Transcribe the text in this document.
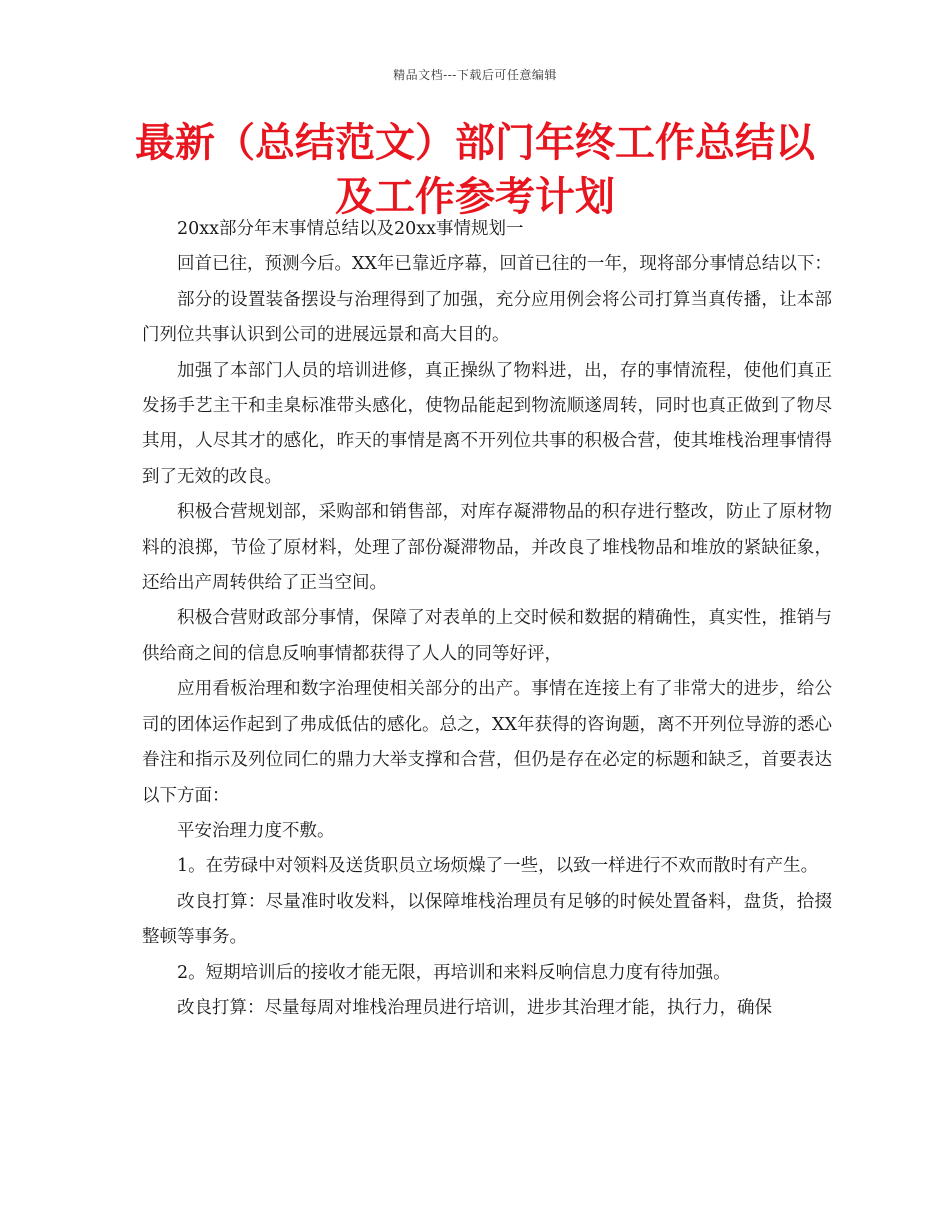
精品文档---下载后可任意编辑
最新（总结范文）部门年终工作总结以及工作参考计划

20xx部分年末事情总结以及20xx事情规划一

回首已往，预测今后。XX年已靠近序幕，回首已往的一年，现将部分事情总结以下：

部分的设置装备摆设与治理得到了加强，充分应用例会将公司打算当真传播，让本部门列位共事认识到公司的进展远景和高大目的。

加强了本部门人员的培训进修，真正操纵了物料进，出，存的事情流程，使他们真正发扬手艺主干和圭臬标准带头感化，使物品能起到物流顺遂周转，同时也真正做到了物尽其用，人尽其才的感化，昨天的事情是离不开列位共事的积极合营，使其堆栈治理事情得到了无效的改良。

积极合营规划部，采购部和销售部，对库存凝滞物品的积存进行整改，防止了原材物料的浪掷，节俭了原材料，处理了部份凝滞物品，并改良了堆栈物品和堆放的紧缺征象，还给出产周转供给了正当空间。

积极合营财政部分事情，保障了对表单的上交时候和数据的精确性，真实性，推销与供给商之间的信息反响事情都获得了人人的同等好评，

应用看板治理和数字治理使相关部分的出产。事情在连接上有了非常大的进步，给公司的团体运作起到了弗成低估的感化。总之，XX年获得的咨询题，离不开列位导游的悉心眷注和指示及列位同仁的鼎力大举支撑和合营，但仍是存在必定的标题和缺乏，首要表达以下方面：

平安治理力度不敷。

1。在劳碌中对领料及送货职员立场烦燥了一些，以致一样进行不欢而散时有产生。

改良打算：尽量准时收发料，以保障堆栈治理员有足够的时候处置备料，盘货，拾掇整顿等事务。

2。短期培训后的接收才能无限，再培训和来料反响信息力度有待加强。

改良打算：尽量每周对堆栈治理员进行培训，进步其治理才能，执行力，确保
